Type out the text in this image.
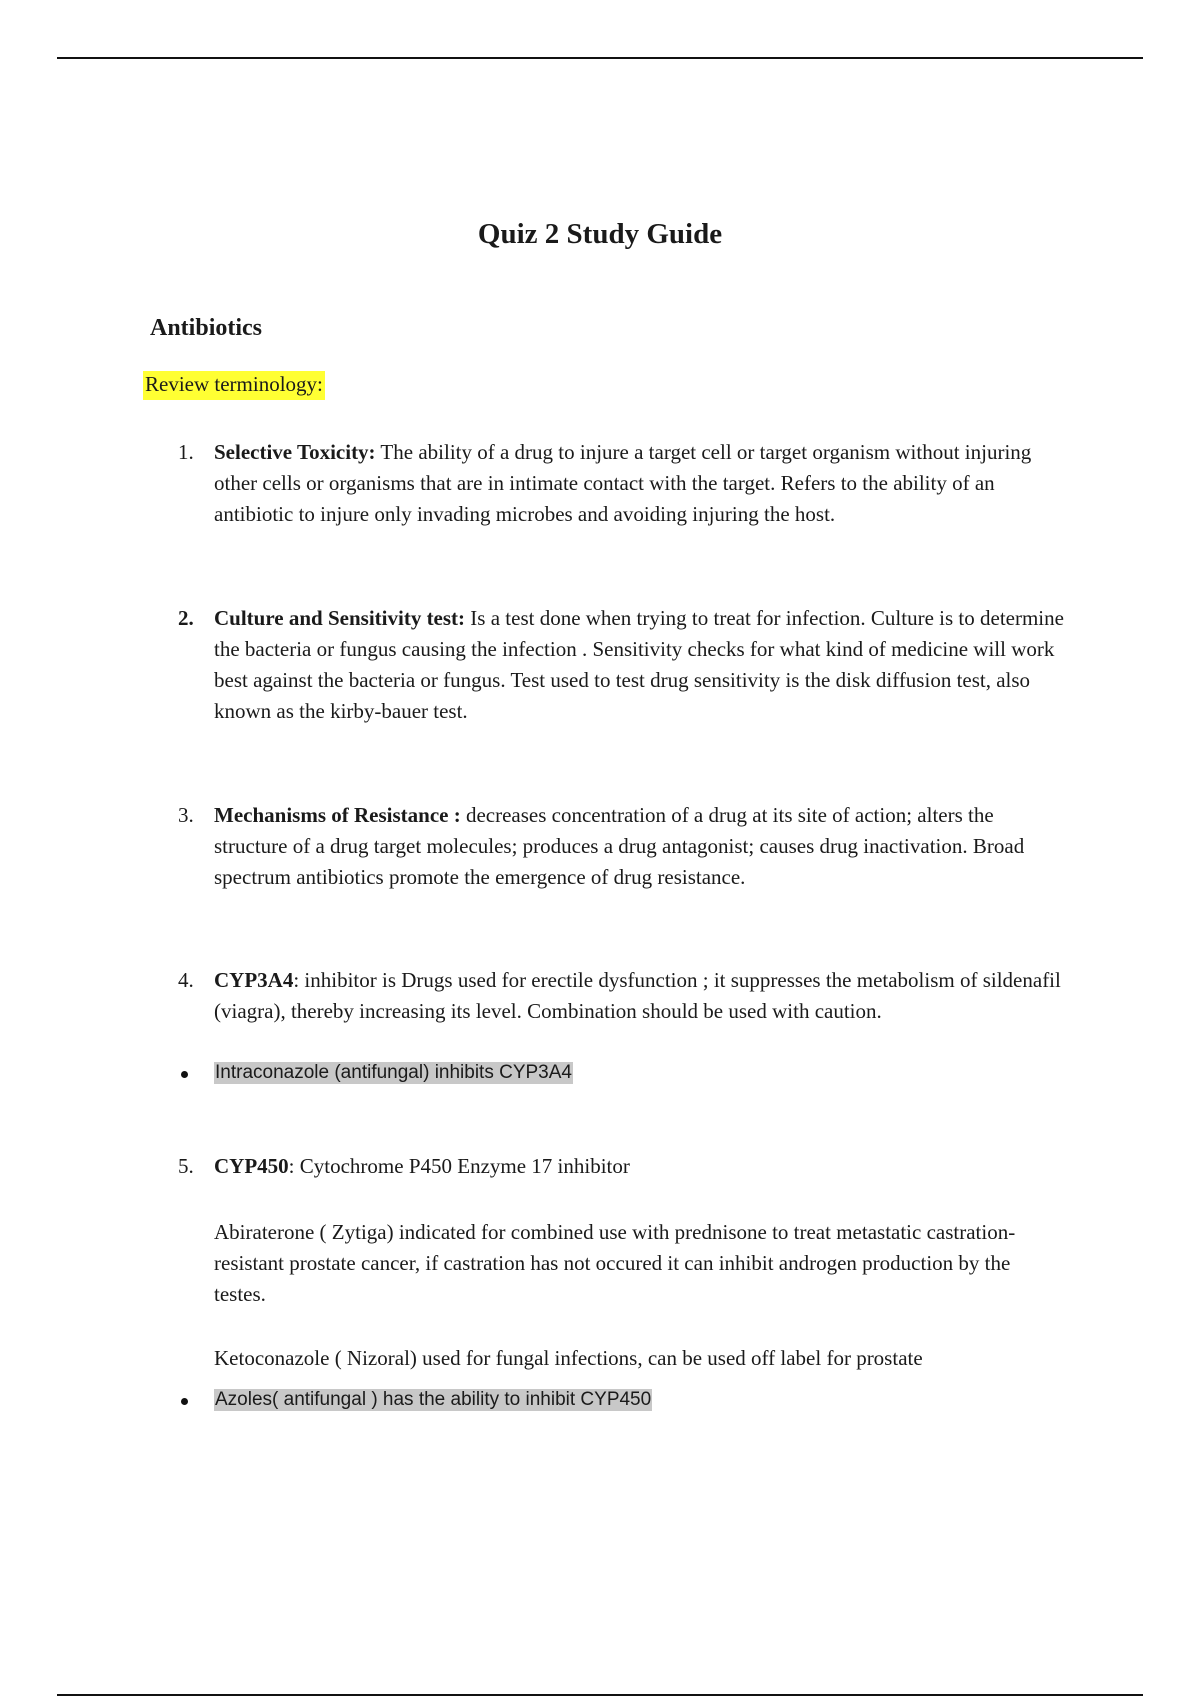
Quiz 2 Study Guide
Antibiotics
Review terminology:
1. Selective Toxicity: The ability of a drug to injure a target cell or target organism without injuring other cells or organisms that are in intimate contact with the target. Refers to the ability of an antibiotic to injure only invading microbes and avoiding injuring the host.

2. Culture and Sensitivity test: Is a test done when trying to treat for infection. Culture is to determine the bacteria or fungus causing the infection . Sensitivity checks for what kind of medicine will work best against the bacteria or fungus. Test used to test drug sensitivity is the disk diffusion test, also known as the kirby-bauer test.

3. Mechanisms of Resistance : decreases concentration of a drug at its site of action; alters the structure of a drug target molecules; produces a drug antagonist; causes drug inactivation. Broad spectrum antibiotics promote the emergence of drug resistance.

4. CYP3A4: inhibitor is Drugs used for erectile dysfunction ; it suppresses the metabolism of sildenafil (viagra), thereby increasing its level. Combination should be used with caution.

Intraconazole (antifungal) inhibits CYP3A4
5. CYP450: Cytochrome P450 Enzyme 17 inhibitor

Abiraterone ( Zytiga) indicated for combined use with prednisone to treat metastatic castration-resistant prostate cancer, if castration has not occured it can inhibit androgen production by the testes.

Ketoconazole ( Nizoral) used for fungal infections, can be used off label for prostate

Azoles( antifungal ) has the ability to inhibit CYP450
